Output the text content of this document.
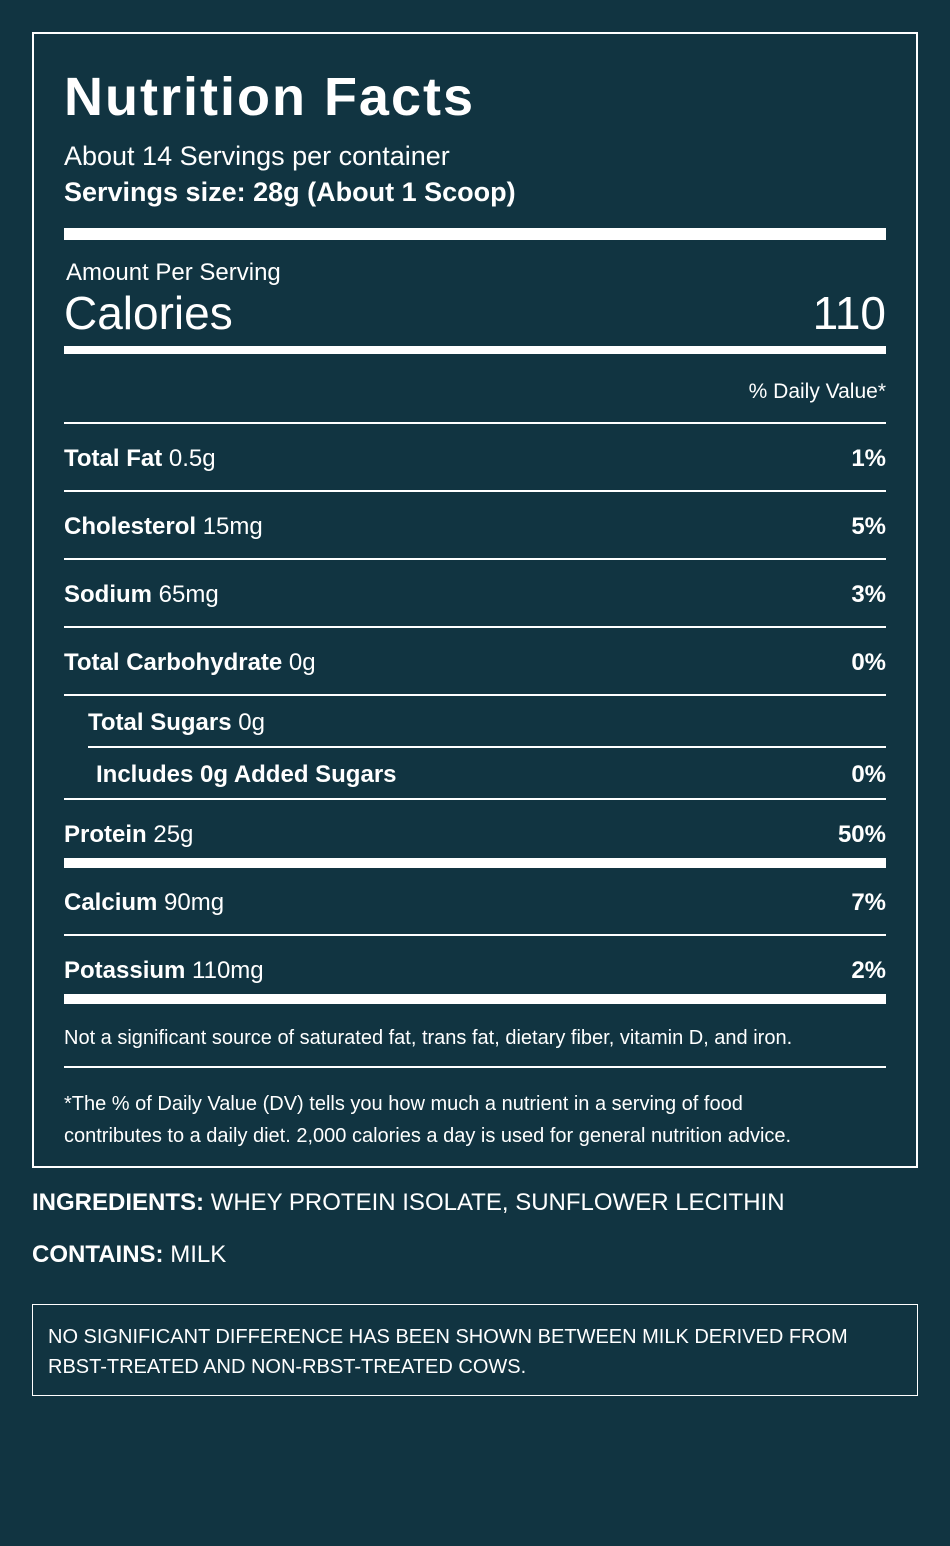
Nutrition Facts
About 14 Servings per container
Servings size: 28g (About 1 Scoop)
Amount Per Serving
Calories	110
% Daily Value*
Total Fat 0.5g	1%
Cholesterol 15mg	5%
Sodium 65mg	3%
Total Carbohydrate 0g	0%
Total Sugars 0g
Includes 0g Added Sugars	0%
Protein 25g	50%
Calcium 90mg	7%
Potassium 110mg	2%
Not a significant source of saturated fat, trans fat, dietary fiber, vitamin D, and iron.
*The % of Daily Value (DV) tells you how much a nutrient in a serving of food
contributes to a daily diet. 2,000 calories a day is used for general nutrition advice.
INGREDIENTS: WHEY PROTEIN ISOLATE, SUNFLOWER LECITHIN
CONTAINS: MILK
NO SIGNIFICANT DIFFERENCE HAS BEEN SHOWN BETWEEN MILK DERIVED FROM
RBST-TREATED AND NON-RBST-TREATED COWS.
